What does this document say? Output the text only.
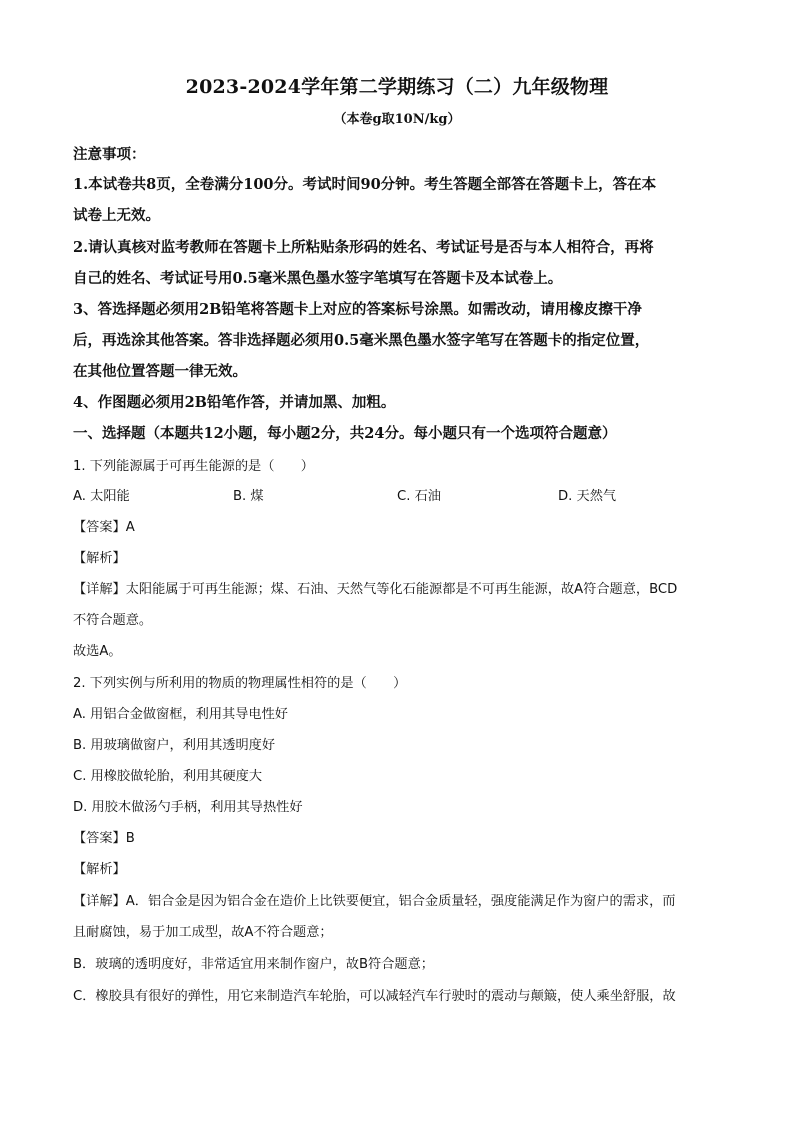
2023-2024学年第二学期练习（二）九年级物理
（本卷g取10N/kg）
注意事项：
1.本试卷共8页，全卷满分100分。考试时间90分钟。考生答题全部答在答题卡上，答在本
试卷上无效。
2.请认真核对监考教师在答题卡上所粘贴条形码的姓名、考试证号是否与本人相符合，再将
自己的姓名、考试证号用0.5毫米黑色墨水签字笔填写在答题卡及本试卷上。
3、答选择题必须用2B铅笔将答题卡上对应的答案标号涂黑。如需改动，请用橡皮擦干净
后，再选涂其他答案。答非选择题必须用0.5毫米黑色墨水签字笔写在答题卡的指定位置，
在其他位置答题一律无效。
4、作图题必须用2B铅笔作答，并请加黑、加粗。
一、选择题（本题共12小题，每小题2分，共24分。每小题只有一个选项符合题意）
1. 下列能源属于可再生能源的是（　　）
A. 太阳能	B. 煤	C. 石油	D. 天然气
【答案】A
【解析】
【详解】太阳能属于可再生能源；煤、石油、天然气等化石能源都是不可再生能源，故A符合题意，BCD
不符合题意。
故选A。
2. 下列实例与所利用的物质的物理属性相符的是（　　）
A. 用铝合金做窗框，利用其导电性好
B. 用玻璃做窗户，利用其透明度好
C. 用橡胶做轮胎，利用其硬度大
D. 用胶木做汤勺手柄，利用其导热性好
【答案】B
【解析】
【详解】A．铝合金是因为铝合金在造价上比铁要便宜，铝合金质量轻，强度能满足作为窗户的需求，而
且耐腐蚀，易于加工成型，故A不符合题意；
B．玻璃的透明度好，非常适宜用来制作窗户，故B符合题意；
C．橡胶具有很好的弹性，用它来制造汽车轮胎，可以减轻汽车行驶时的震动与颠簸，使人乘坐舒服，故
